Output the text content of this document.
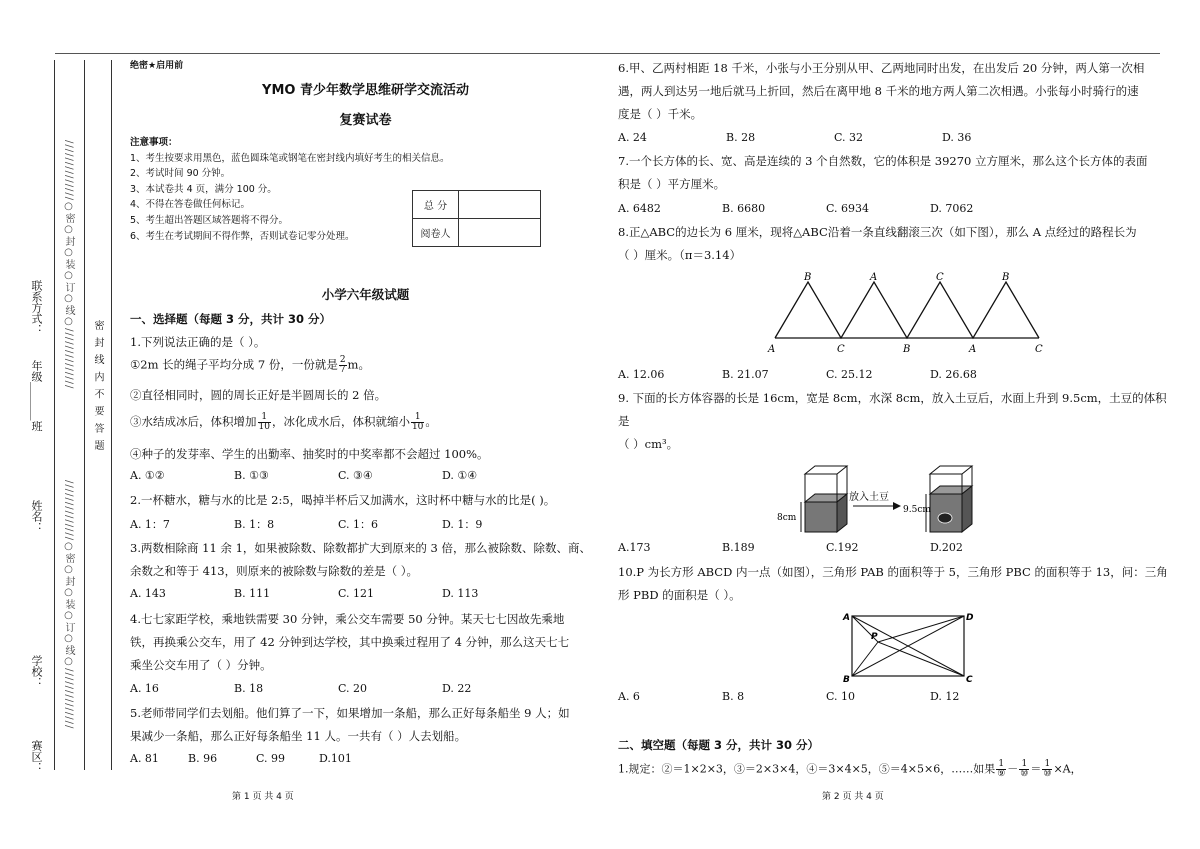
联系方式：
年级_______班
姓名：
学校：
赛区：
//////////////○密○封○装○订○线○//////////////
//////////////○密○封○装○订○线○//////////////
密 封 线 内 不 要 答 题
绝密★启用前
YMO 青少年数学思维研学交流活动
复赛试卷
注意事项：
1、考生按要求用黑色，蓝色圆珠笔或钢笔在密封线内填好考生的相关信息。
2、考试时间 90 分钟。
3、本试卷共 4 页，满分 100 分。
4、不得在答卷做任何标记。
5、考生超出答题区域答题将不得分。
6、考生在考试期间不得作弊，否则试卷记零分处理。
总 分	
阅卷人	
小学六年级试题
一、选择题（每题 3 分，共计 30 分）
1.下列说法正确的是（ ）。
①2m 长的绳子平均分成 7 份，一份就是 $\frac{2}{7}$ m。
②直径相同时，圆的周长正好是半圆周长的 2 倍。
③水结成冰后，体积增加 $\frac{1}{10}$ ，冰化成水后，体积就缩小 $\frac{1}{10}$ 。
④种子的发芽率、学生的出勤率、抽奖时的中奖率都不会超过 100%。
A. ①②	B. ①③	C. ③④	D. ①④
2.一杯糖水，糖与水的比是 2:5，喝掉半杯后又加满水，这时杯中糖与水的比是( )。
A. 1：7	B. 1：8	C. 1：6	D. 1：9
3.两数相除商 11 余 1，如果被除数、除数都扩大到原来的 3 倍，那么被除数、除数、商、
余数之和等于 413，则原来的被除数与除数的差是（ ）。
A. 143	B. 111	C. 121	D. 113
4.七七家距学校，乘地铁需要 30 分钟，乘公交车需要 50 分钟。某天七七因故先乘地
铁，再换乘公交车，用了 42 分钟到达学校，其中换乘过程用了 4 分钟，那么这天七七
乘坐公交车用了（ ）分钟。
A. 16	B. 18	C. 20	D. 22
5.老师带同学们去划船。他们算了一下，如果增加一条船，那么正好每条船坐 9 人；如
果减少一条船，那么正好每条船坐 11 人。一共有（ ）人去划船。
A. 81	B. 96	C. 99	D.101
第 1 页 共 4 页
6.甲、乙两村相距 18 千米，小张与小王分别从甲、乙两地同时出发，在出发后 20 分钟，两人第一次相
遇，两人到达另一地后就马上折回，然后在离甲地 8 千米的地方两人第二次相遇。小张每小时骑行的速
度是（ ）千米。
A. 24	B. 28	C. 32	D. 36
7.一个长方体的长、宽、高是连续的 3 个自然数，它的体积是 39270 立方厘米，那么这个长方体的表面
积是（ ）平方厘米。
A. 6482	B. 6680	C. 6934	D. 7062
8.正△ABC的边长为 6 厘米，现将△ABC沿着一条直线翻滚三次（如下图），那么 A 点经过的路程长为
（ ）厘米。（π＝3.14）
B	A	C	B
A	C	B	A	C
A. 12.06	B. 21.07	C. 25.12	D. 26.68
9. 下面的长方体容器的长是 16cm，宽是 8cm，水深 8cm，放入土豆后，水面上升到 9.5cm，土豆的体积
是
（ ）cm³。
8cm
放入土豆
9.5cm
A.173	B.189	C.192	D.202
10.P 为长方形 ABCD 内一点（如图），三角形 PAB 的面积等于 5，三角形 PBC 的面积等于 13，问：三角
形 PBD 的面积是（ ）。
A	D
P
B	C
A. 6	B. 8	C. 10	D. 12
二、填空题（每题 3 分，共计 30 分）
1.规定：②＝1×2×3，③＝2×3×4，④＝3×4×5，⑤＝4×5×6，……如果 $\frac{1}{\text{⑨}} - \frac{1}{\text{⑩}} = \frac{1}{\text{⑩}} \times A$，
第 2 页 共 4 页
